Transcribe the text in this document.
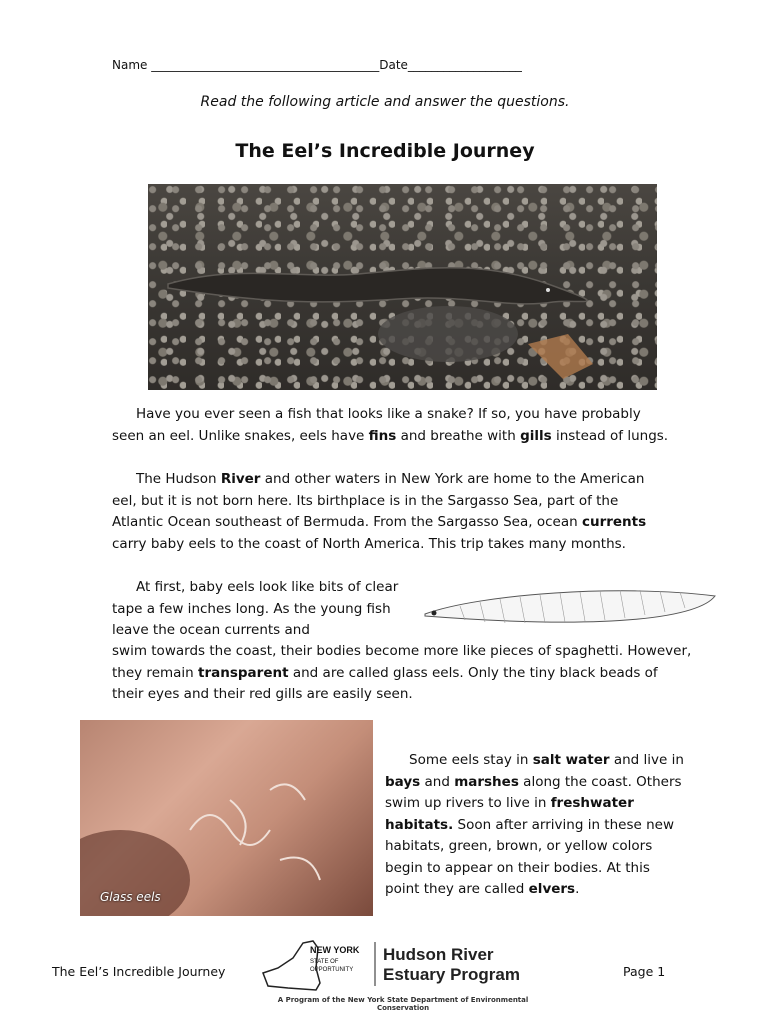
Name ______________________________________Date___________________
Read the following article and answer the questions.
The Eel’s Incredible Journey
Have you ever seen a fish that looks like a snake? If so, you have probably seen an eel. Unlike snakes, eels have fins and breathe with gills instead of lungs.
The Hudson River and other waters in New York are home to the American eel, but it is not born here. Its birthplace is in the Sargasso Sea, part of the Atlantic Ocean southeast of Bermuda. From the Sargasso Sea, ocean currents carry baby eels to the coast of North America. This trip takes many months.
At first, baby eels look like bits of clear tape a few inches long. As the young fish leave the ocean currents and
swim towards the coast, their bodies become more like pieces of spaghetti. However, they remain transparent and are called glass eels. Only the tiny black beads of their eyes and their red gills are easily seen.
Glass eels
Some eels stay in salt water and live in bays and marshes along the coast. Others swim up rivers to live in freshwater habitats. Soon after arriving in these new habitats, green, brown, or yellow colors begin to appear on their bodies. At this point they are called elvers.
The Eel’s Incredible Journey	Page 1
NEW YORK
STATE OF
OPPORTUNITY
Hudson River
Estuary Program
A Program of the New York State Department of Environmental Conservation
